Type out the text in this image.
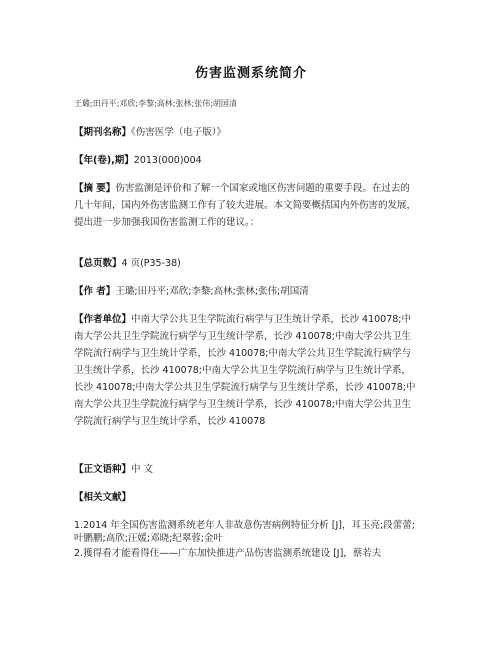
伤害监测系统简介
王璐;田丹平;邓欣;李黎;高林;张林;张伟;胡国清
【期刊名称】《伤害医学（电子版）》
【年(卷),期】2013(000)004
【摘 要】伤害监测是评价和了解一个国家或地区伤害问题的重要手段。在过去的
几十年间，国内外伤害监测工作有了较大进展。本文简要概括国内外伤害的发展，
提出进一步加强我国伤害监测工作的建议。：
【总页数】4 页(P35-38)
【作 者】王璐;田丹平;邓欣;李黎;高林;张林;张伟;胡国清
【作者单位】中南大学公共卫生学院流行病学与卫生统计学系，长沙 410078;中
南大学公共卫生学院流行病学与卫生统计学系，长沙 410078;中南大学公共卫生
学院流行病学与卫生统计学系，长沙 410078;中南大学公共卫生学院流行病学与
卫生统计学系，长沙 410078;中南大学公共卫生学院流行病学与卫生统计学系，
长沙 410078;中南大学公共卫生学院流行病学与卫生统计学系，长沙 410078;中
南大学公共卫生学院流行病学与卫生统计学系，长沙 410078;中南大学公共卫生
学院流行病学与卫生统计学系，长沙 410078
【正文语种】中 文
【相关文献】
1.2014 年全国伤害监测系统老年人非故意伤害病例特征分析 [J]，耳玉亮;段蕾蕾;
叶鹏鹏;高欣;汪媛;邓晓;纪翠蓉;金叶
2.獲得看才能看得住——广东加快推进产品伤害监测系统建设 [J]，蔡若夫
